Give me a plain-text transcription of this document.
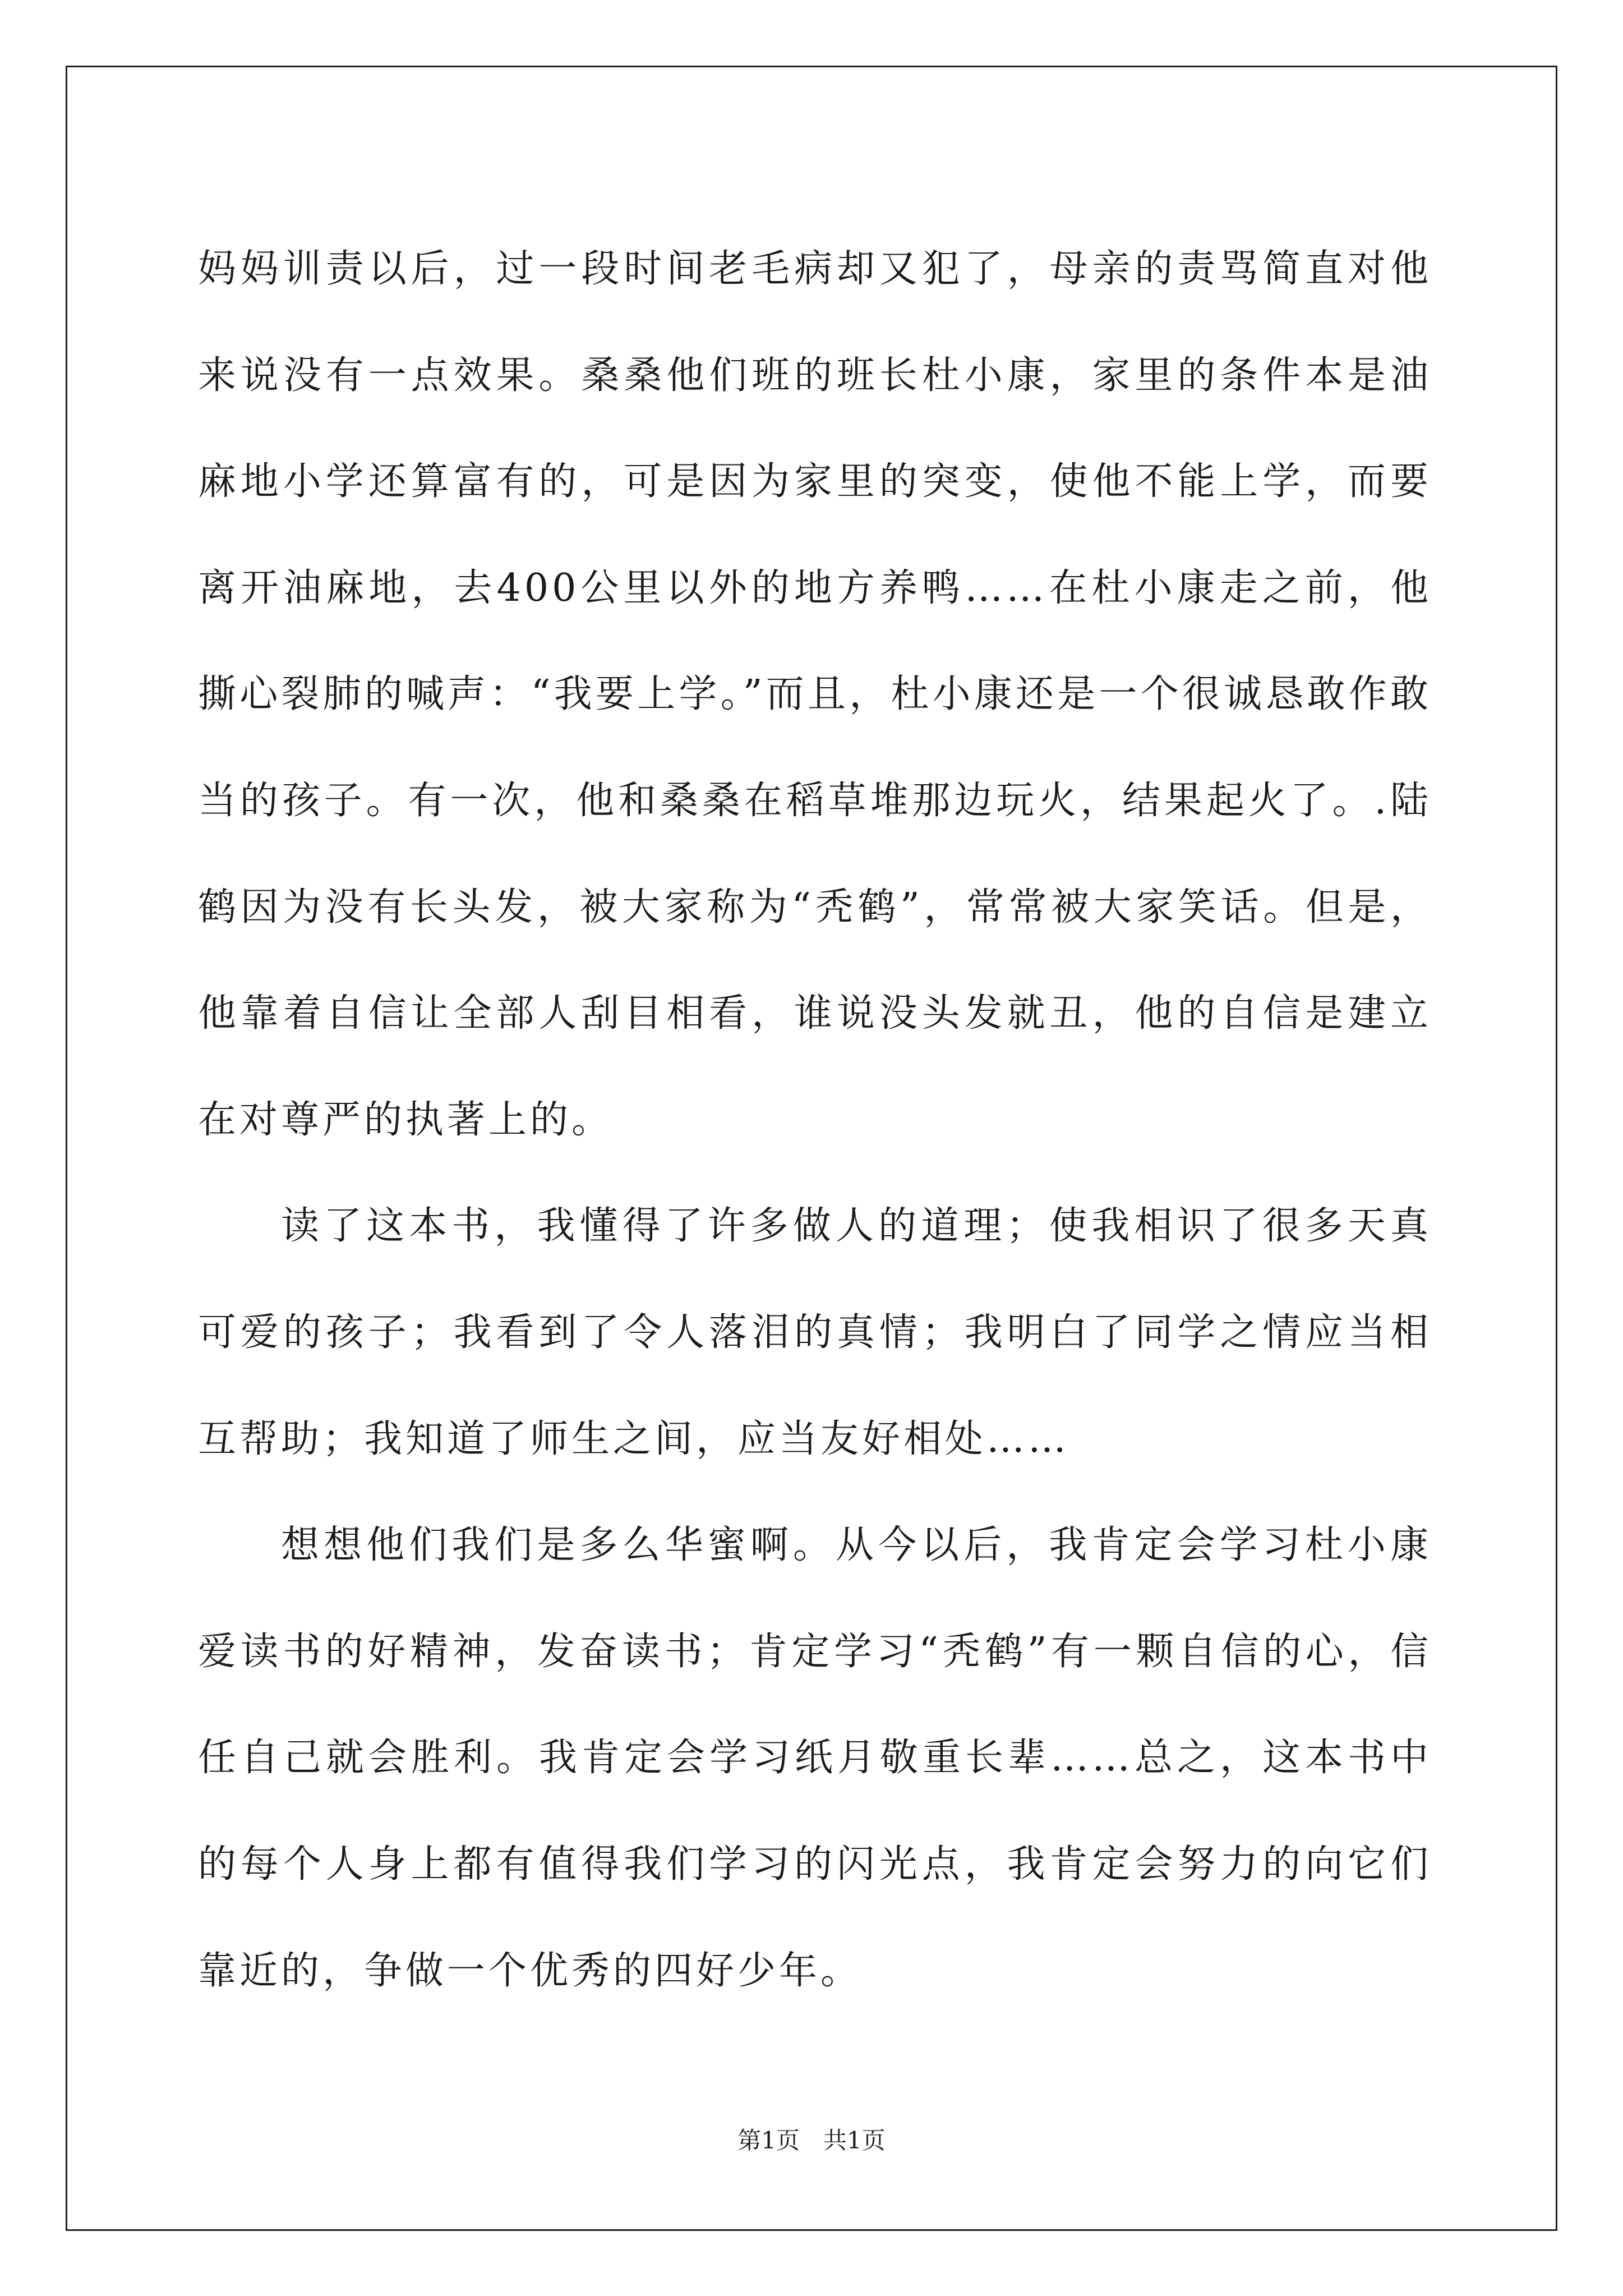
妈妈训责以后，过一段时间老毛病却又犯了，母亲的责骂简直对他来说没有一点效果。桑桑他们班的班长杜小康，家里的条件本是油麻地小学还算富有的，可是因为家里的突变，使他不能上学，而要离开油麻地，去400公里以外的地方养鸭……在杜小康走之前，他撕心裂肺的喊声：“我要上学。”而且，杜小康还是一个很诚恳敢作敢当的孩子。有一次，他和桑桑在稻草堆那边玩火，结果起火了。.陆鹤因为没有长头发，被大家称为“秃鹤”，常常被大家笑话。但是，他靠着自信让全部人刮目相看，谁说没头发就丑，他的自信是建立在对尊严的执著上的。

读了这本书，我懂得了许多做人的道理；使我相识了很多天真可爱的孩子；我看到了令人落泪的真情；我明白了同学之情应当相互帮助；我知道了师生之间，应当友好相处……

想想他们我们是多么华蜜啊。从今以后，我肯定会学习杜小康爱读书的好精神，发奋读书；肯定学习“秃鹤”有一颗自信的心，信任自己就会胜利。我肯定会学习纸月敬重长辈……总之，这本书中的每个人身上都有值得我们学习的闪光点，我肯定会努力的向它们靠近的，争做一个优秀的四好少年。

第1页　共1页
